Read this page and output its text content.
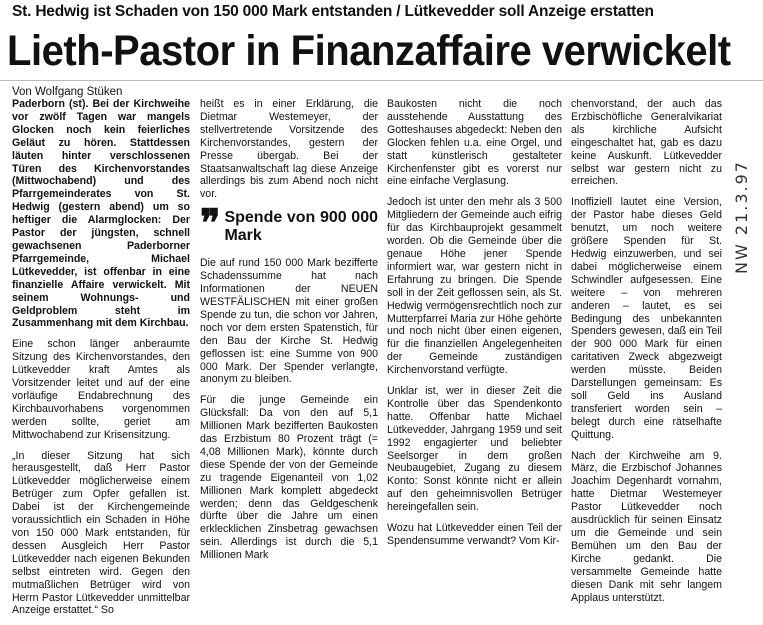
St. Hedwig ist Schaden von 150 000 Mark entstanden / Lütkevedder soll Anzeige erstatten
Lieth-Pastor in Finanzaffaire verwickelt
Von Wolfgang Stüken

Paderborn (st). Bei der Kirchweihe vor zwölf Tagen war mangels Glocken noch kein feierliches Geläut zu hören. Stattdessen läuten hinter verschlossenen Türen des Kirchenvorstandes (Mittwochabend) und des Pfarrgemeinderates von St. Hedwig (gestern abend) um so heftiger die Alarmglocken: Der Pastor der jüngsten, schnell gewachsenen Paderborner Pfarrgemeinde, Michael Lütkevedder, ist offenbar in eine finanzielle Affaire verwickelt. Mit seinem Wohnungs- und Geldproblem steht im Zusammenhang mit dem Kirchbau.

Eine schon länger anberaumte Sitzung des Kirchenvorstandes, den Lütkevedder kraft Amtes als Vorsitzender leitet und auf der eine vorläufige Endabrechnung des Kirchbauvorhabens vorgenommen werden sollte, geriet am Mittwochabend zur Krisensitzung.

„In dieser Sitzung hat sich herausgestellt, daß Herr Pastor Lütkevedder möglicherweise einem Betrüger zum Opfer gefallen ist. Dabei ist der Kirchengemeinde voraussichtlich ein Schaden in Höhe von 150 000 Mark entstanden, für dessen Ausgleich Herr Pastor Lütkevedder nach eigenen Bekunden selbst eintreten wird. Gegen den mutmaßlichen Betrüger wird von Herrn Pastor Lütkevedder unmittelbar Anzeige erstattet.“ So

heißt es in einer Erklärung, die Dietmar Westemeyer, der stellvertretende Vorsitzende des Kirchenvorstandes, gestern der Presse übergab. Bei der Staatsanwaltschaft lag diese Anzeige allerdings bis zum Abend noch nicht vor.

❞ Spende von 900 000 Mark

Die auf rund 150 000 Mark bezifferte Schadenssumme hat nach Informationen der NEUEN WESTFÄLISCHEN mit einer großen Spende zu tun, die schon vor Jahren, noch vor dem ersten Spatenstich, für den Bau der Kirche St. Hedwig geflossen ist: eine Summe von 900 000 Mark. Der Spender verlangte, anonym zu bleiben.

Für die junge Gemeinde ein Glücksfall: Da von den auf 5,1 Millionen Mark bezifferten Baukosten das Erzbistum 80 Prozent trägt (= 4,08 Millionen Mark), könnte durch diese Spende der von der Gemeinde zu tragende Eigenanteil von 1,02 Millionen Mark komplett abgedeckt werden; denn das Geldgeschenk dürfte über die Jahre um einen erklecklichen Zinsbetrag gewachsen sein. Allerdings ist durch die 5,1 Millionen Mark

Baukosten nicht die noch ausstehende Ausstattung des Gotteshauses abgedeckt: Neben den Glocken fehlen u.a. eine Orgel, und statt künstlerisch gestalteter Kirchenfenster gibt es vorerst nur eine einfache Verglasung.

Jedoch ist unter den mehr als 3 500 Mitgliedern der Gemeinde auch eifrig für das Kirchbauprojekt gesammelt worden. Ob die Gemeinde über die genaue Höhe jener Spende informiert war, war gestern nicht in Erfahrung zu bringen. Die Spende soll in der Zeit geflossen sein, als St. Hedwig vermögensrechtlich noch zur Mutterpfarrei Maria zur Höhe gehörte und noch nicht über einen eigenen, für die finanziellen Angelegenheiten der Gemeinde zuständigen Kirchenvorstand verfügte.

Unklar ist, wer in dieser Zeit die Kontrolle über das Spendenkonto hatte. Offenbar hatte Michael Lütkevedder, Jahrgang 1959 und seit 1992 engagierter und beliebter Seelsorger in dem großen Neubaugebiet, Zugang zu diesem Konto: Sonst könnte nicht er allein auf den geheimnisvollen Betrüger hereingefallen sein.

Wozu hat Lütkevedder einen Teil der Spendensumme verwandt? Vom Kir-

chenvorstand, der auch das Erzbischöfliche Generalvikariat als kirchliche Aufsicht eingeschaltet hat, gab es dazu keine Auskunft. Lütkevedder selbst war gestern nicht zu erreichen.

Inoffiziell lautet eine Version, der Pastor habe dieses Geld benutzt, um noch weitere größere Spenden für St. Hedwig einzuwerben, und sei dabei möglicherweise einem Schwindler aufgesessen. Eine weitere – von mehreren anderen – lautet, es sei Bedingung des unbekannten Spenders gewesen, daß ein Teil der 900 000 Mark für einen caritativen Zweck abgezweigt werden müsste. Beiden Darstellungen gemeinsam: Es soll Geld ins Ausland transferiert worden sein – belegt durch eine rätselhafte Quittung.

Nach der Kirchweihe am 9. März, die Erzbischof Johannes Joachim Degenhardt vornahm, hatte Dietmar Westemeyer Pastor Lütkevedder noch ausdrücklich für seinen Einsatz um die Gemeinde und sein Bemühen um den Bau der Kirche gedankt. Die versammelte Gemeinde hatte diesen Dank mit sehr langem Applaus unterstützt.

NW 21.3.97
